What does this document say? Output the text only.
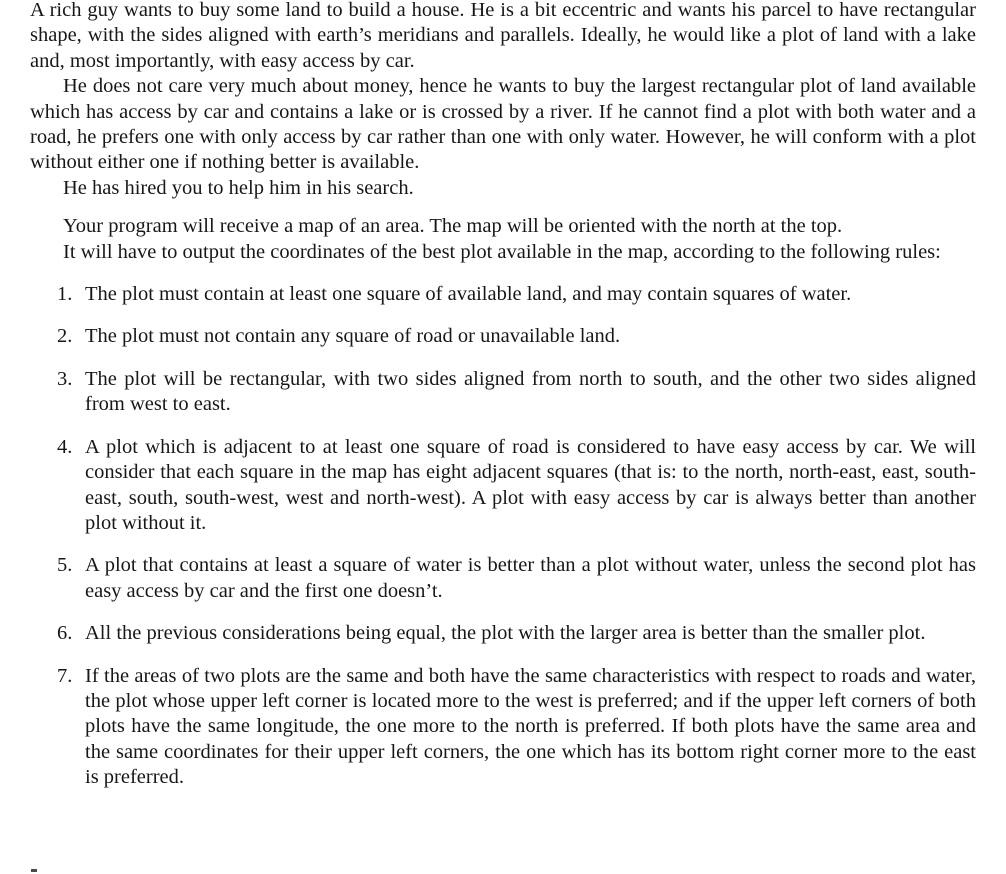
A rich guy wants to buy some land to build a house. He is a bit eccentric and wants his parcel to have rectangular shape, with the sides aligned with earth’s meridians and parallels. Ideally, he would like a plot of land with a lake and, most importantly, with easy access by car.

He does not care very much about money, hence he wants to buy the largest rectangular plot of land available which has access by car and contains a lake or is crossed by a river. If he cannot find a plot with both water and a road, he prefers one with only access by car rather than one with only water. However, he will conform with a plot without either one if nothing better is available.

He has hired you to help him in his search.

Your program will receive a map of an area. The map will be oriented with the north at the top.

It will have to output the coordinates of the best plot available in the map, according to the following rules:

1. The plot must contain at least one square of available land, and may contain squares of water.
2. The plot must not contain any square of road or unavailable land.
3. The plot will be rectangular, with two sides aligned from north to south, and the other two sides aligned from west to east.
4. A plot which is adjacent to at least one square of road is considered to have easy access by car. We will consider that each square in the map has eight adjacent squares (that is: to the north, north-east, east, south-east, south, south-west, west and north-west). A plot with easy access by car is always better than another plot without it.
5. A plot that contains at least a square of water is better than a plot without water, unless the second plot has easy access by car and the first one doesn’t.
6. All the previous considerations being equal, the plot with the larger area is better than the smaller plot.
7. If the areas of two plots are the same and both have the same characteristics with respect to roads and water, the plot whose upper left corner is located more to the west is preferred; and if the upper left corners of both plots have the same longitude, the one more to the north is preferred. If both plots have the same area and the same coordinates for their upper left corners, the one which has its bottom right corner more to the east is preferred.
